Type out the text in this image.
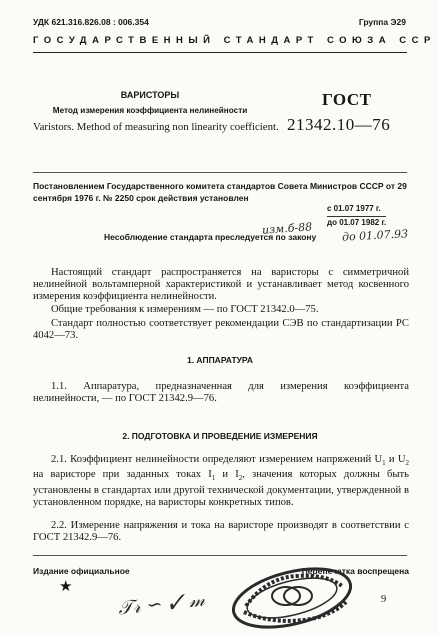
УДК 621.316.826.08 : 006.354	Группа Э29
ГОСУДАРСТВЕННЫЙ СТАНДАРТ СОЮЗА ССР
ВАРИСТОРЫ
Метод измерения коэффициента нелинейности
Varistors. Method of measuring non linearity coefficient.
ГОСТ
21342.10—76
Постановлением Государственного комитета стандартов Совета Министров СССР от 29 сентября 1976 г. № 2250 срок действия установлен
с 01.07 1977 г.
до 01.07 1982 г.
Несоблюдение стандарта преследуется по закону
изм.б-88	до 01.07.93
Настоящий стандарт распространяется на варисторы с симметричной нелинейной вольтамперной характеристикой и устанавливает метод косвенного измерения коэффициента нелинейности.
Общие требования к измерениям — по ГОСТ 21342.0—75.
Стандарт полностью соответствует рекомендации СЭВ по стандартизации РС 4042—73.
1. АППАРАТУРА
1.1. Аппаратура, предназначенная для измерения коэффициента нелинейности, — по ГОСТ 21342.9—76.
2. ПОДГОТОВКА И ПРОВЕДЕНИЕ ИЗМЕРЕНИЯ
2.1. Коэффициент нелинейности определяют измерением напряжений $U_1$ и $U_2$ на варисторе при заданных токах $I_1$ и $I_2$, значения которых должны быть установлены в стандартах или другой технической документации, утвержденной в установленном порядке, на варисторы конкретных типов.
2.2. Измерение напряжения и тока на варисторе производят в соответствии с ГОСТ 21342.9—76.
Издание официальное
★
Перепечатка воспрещена
𝒯𝓇 ∽ ✓ 𝓂	9
